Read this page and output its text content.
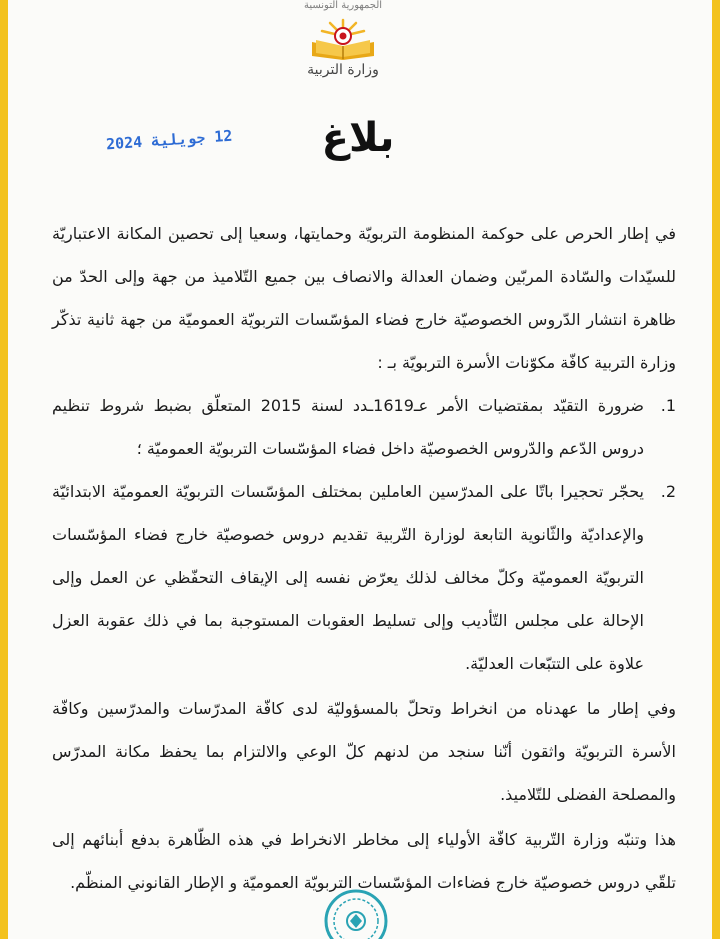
الجمهورية التونسية
وزارة التربية
12 جويلية 2024	بلاغ

في إطار الحرص على حوكمة المنظومة التربويّة وحمايتها، وسعيا إلى تحصين المكانة الاعتباريّة للسيّدات والسّادة المربّين وضمان العدالة والانصاف بين جميع التّلاميذ من جهة وإلى الحدّ من ظاهرة انتشار الدّروس الخصوصيّة خارج فضاء المؤسّسات التربويّة العموميّة من جهة ثانية تذكّر وزارة التربية كافّة مكوّنات الأسرة التربويّة بـ :

1.
ضرورة التقيّد بمقتضيات الأمر عـ1619ـدد لسنة 2015 المتعلّق بضبط شروط تنظيم دروس الدّعم والدّروس الخصوصيّة داخل فضاء المؤسّسات التربويّة العموميّة ؛
2.
يحجّر تحجيرا باتّا على المدرّسين العاملين بمختلف المؤسّسات التربويّة العموميّة الابتدائيّة والإعداديّة والثّانوية التابعة لوزارة التّربية تقديم دروس خصوصيّة خارج فضاء المؤسّسات التربويّة العموميّة وكلّ مخالف لذلك يعرّض نفسه إلى الإيقاف التحفّظي عن العمل وإلى الإحالة على مجلس التّأديب وإلى تسليط العقوبات المستوجبة بما في ذلك عقوبة العزل علاوة على التتبّعات العدليّة.

وفي إطار ما عهدناه من انخراط وتحلّ بالمسؤوليّة لدى كافّة المدرّسات والمدرّسين وكافّة الأسرة التربويّة واثقون أنّنا سنجد من لدنهم كلّ الوعي والالتزام بما يحفظ مكانة المدرّس والمصلحة الفضلى للتّلاميذ.

هذا وتنبّه وزارة التّربية كافّة الأولياء إلى مخاطر الانخراط في هذه الظّاهرة بدفع أبنائهم إلى تلقّي دروس خصوصيّة خارج فضاءات المؤسّسات التربويّة العموميّة و الإطار القانوني المنظّم.
